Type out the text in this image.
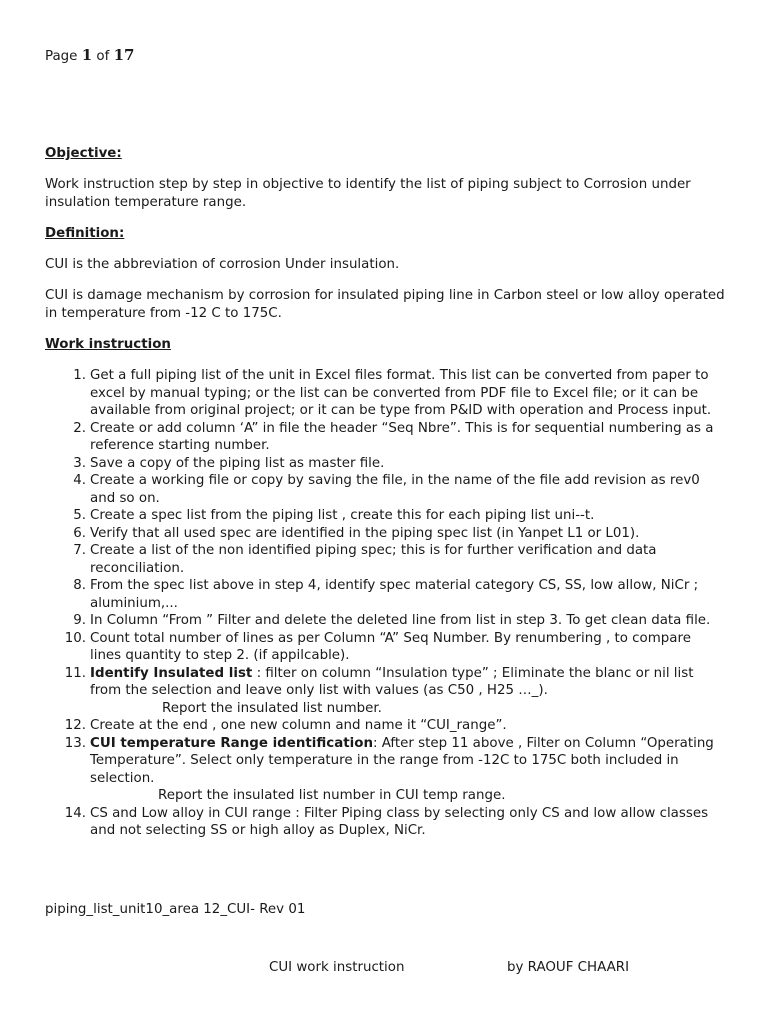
Page 1 of 17

Objective:

Work instruction step by step in objective to identify the list of piping subject to Corrosion under insulation temperature range.

Definition:

CUI is the abbreviation of corrosion Under insulation.

CUI is damage mechanism by corrosion for insulated piping line in Carbon steel or low alloy operated in temperature from -12 C to 175C.

Work instruction

1. Get a full piping list of the unit in Excel files format. This list can be converted from paper to excel by manual typing; or the list can be converted from PDF file to Excel file; or it can be available from original project; or it can be type from P&ID with operation and Process input.
2. Create or add column ‘A” in file the header “Seq Nbre”. This is for sequential numbering as a reference starting number.
3. Save a copy of the piping list as master file.
4. Create a working file or copy by saving the file, in the name of the file add revision as rev0 and so on.
5. Create a spec list from the piping list , create this for each piping list uni--t.
6. Verify that all used spec are identified in the piping spec list (in Yanpet L1 or L01).
7. Create a list of the non identified piping spec; this is for further verification and data reconciliation.
8. From the spec list above in step 4, identify spec material category CS, SS, low allow, NiCr ; aluminium,...
9. In Column “From ” Filter and delete the deleted line from list in step 3. To get clean data file.
10. Count total number of lines as per Column “A” Seq Number. By renumbering , to compare lines quantity to step 2. (if appilcable).
11. Identify Insulated list : filter on column “Insulation type” ; Eliminate the blanc or nil list from the selection and leave only list with values (as C50 , H25 …_).
Report the insulated list number.
12. Create at the end , one new column and name it “CUI_range”.
13. CUI temperature Range identification: After step 11 above , Filter on Column “Operating Temperature”. Select only temperature in the range from -12C to 175C both included in selection.
Report the insulated list number in CUI temp range.
14. CS and Low alloy in CUI range : Filter Piping class by selecting only CS and low allow classes and not selecting SS or high alloy as Duplex, NiCr.
piping_list_unit10_area 12_CUI- Rev 01
CUI work instruction	by RAOUF CHAARI
